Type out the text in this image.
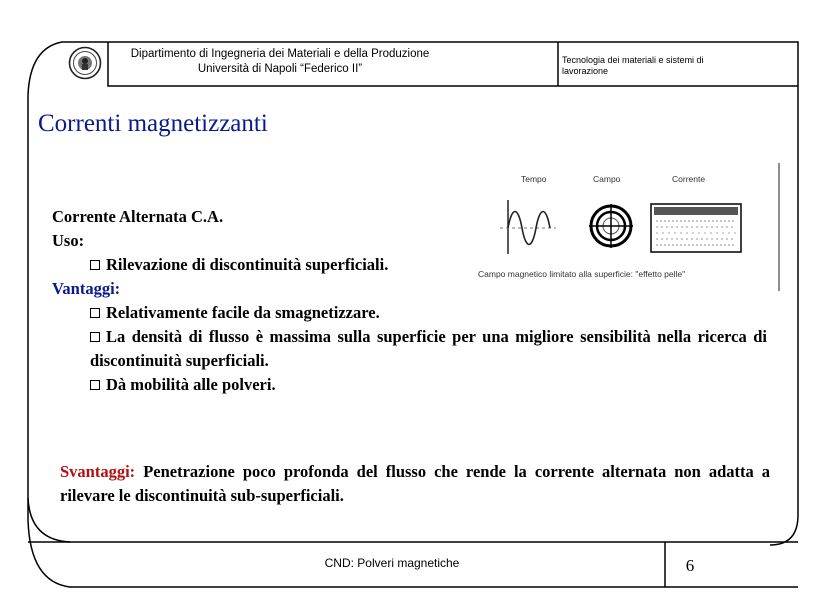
Dipartimento di Ingegneria dei Materiali e della Produzione
Università di Napoli “Federico II”
Tecnologia dei materiali e sistemi di
lavorazione
Correnti magnetizzanti
Tempo	Campo	Corrente
Campo magnetico limitato alla superficie: "effetto pelle"
Corrente Alternata C.A.
Uso:
Rilevazione di discontinuità superficiali.
Vantaggi:
Relativamente facile da smagnetizzare.
La densità di flusso è massima sulla superficie per una migliore sensibilità nella ricerca di discontinuità superficiali.
Dà mobilità alle polveri.
Svantaggi: Penetrazione poco profonda del flusso che rende la corrente alternata non adatta a rilevare le discontinuità sub-superficiali.
CND: Polveri magnetiche	6
